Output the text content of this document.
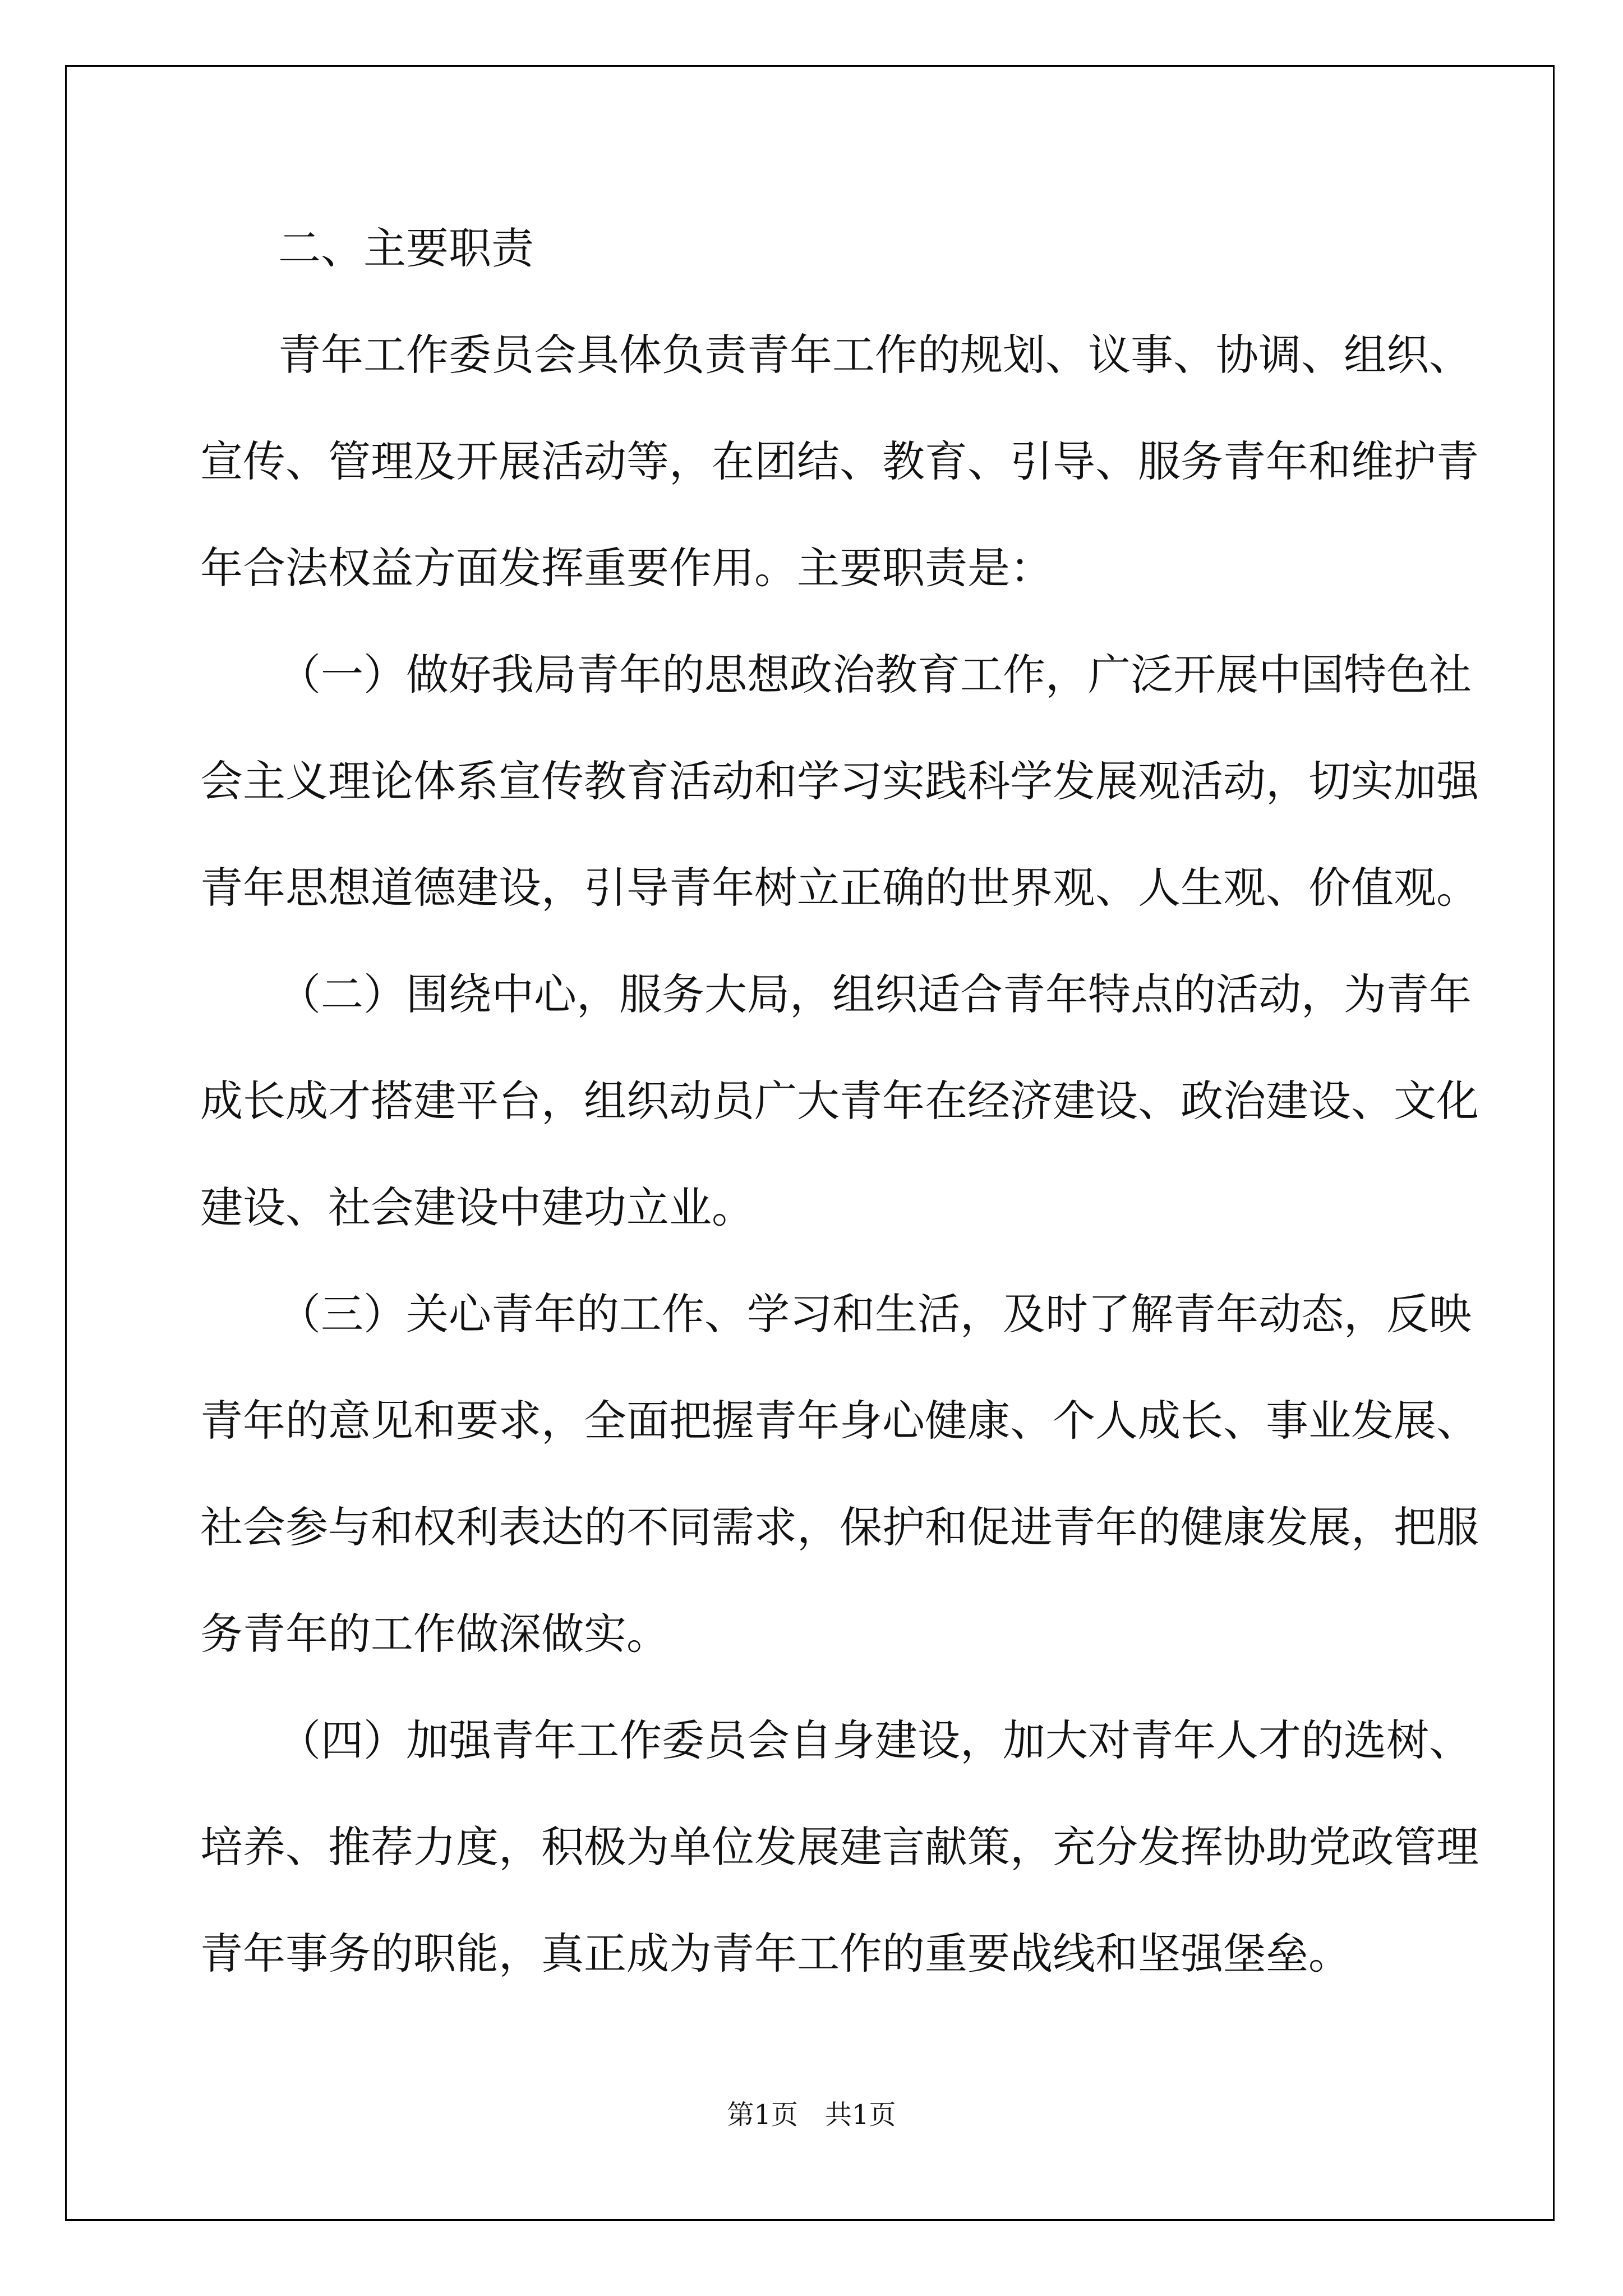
二、主要职责
青年工作委员会具体负责青年工作的规划、议事、协调、组织、
宣传、管理及开展活动等，在团结、教育、引导、服务青年和维护青
年合法权益方面发挥重要作用。主要职责是：
（一）做好我局青年的思想政治教育工作，广泛开展中国特色社
会主义理论体系宣传教育活动和学习实践科学发展观活动，切实加强
青年思想道德建设，引导青年树立正确的世界观、人生观、价值观。
（二）围绕中心，服务大局，组织适合青年特点的活动，为青年
成长成才搭建平台，组织动员广大青年在经济建设、政治建设、文化
建设、社会建设中建功立业。
（三）关心青年的工作、学习和生活，及时了解青年动态，反映
青年的意见和要求，全面把握青年身心健康、个人成长、事业发展、
社会参与和权利表达的不同需求，保护和促进青年的健康发展，把服
务青年的工作做深做实。
（四）加强青年工作委员会自身建设，加大对青年人才的选树、
培养、推荐力度，积极为单位发展建言献策，充分发挥协助党政管理
青年事务的职能，真正成为青年工作的重要战线和坚强堡垒。
第1页　共1页
